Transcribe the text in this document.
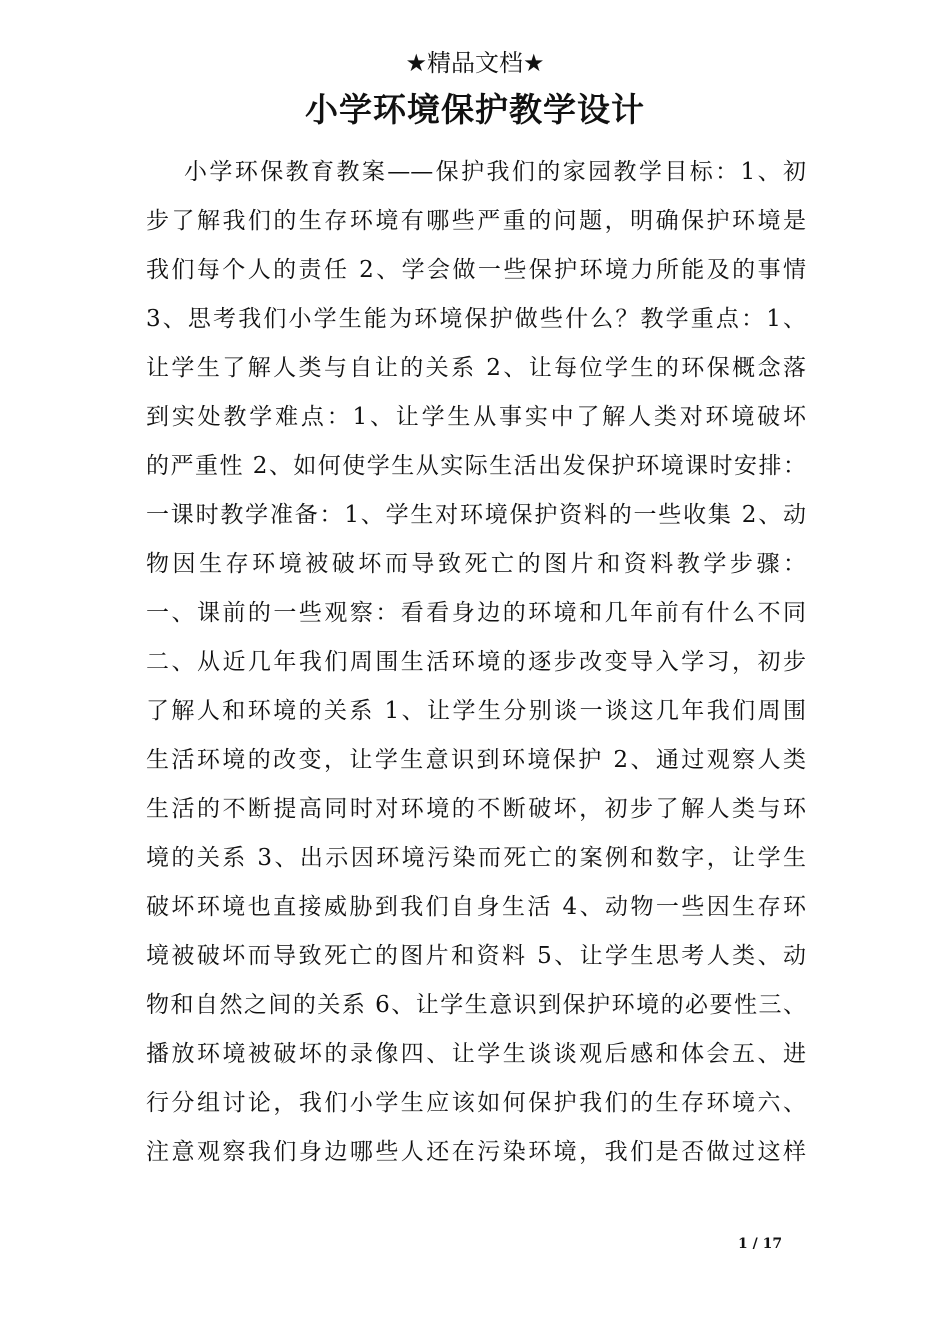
★精品文档★
小学环境保护教学设计
小学环保教育教案——保护我们的家园教学目标：1、初
步了解我们的生存环境有哪些严重的问题，明确保护环境是
我们每个人的责任 2、学会做一些保护环境力所能及的事情
3、思考我们小学生能为环境保护做些什么？教学重点：1、
让学生了解人类与自让的关系 2、让每位学生的环保概念落
到实处教学难点：1、让学生从事实中了解人类对环境破坏
的严重性 2、如何使学生从实际生活出发保护环境课时安排：
一课时教学准备：1、学生对环境保护资料的一些收集 2、动
物因生存环境被破坏而导致死亡的图片和资料教学步骤：
一、课前的一些观察：看看身边的环境和几年前有什么不同
二、从近几年我们周围生活环境的逐步改变导入学习，初步
了解人和环境的关系 1、让学生分别谈一谈这几年我们周围
生活环境的改变，让学生意识到环境保护 2、通过观察人类
生活的不断提高同时对环境的不断破坏，初步了解人类与环
境的关系 3、出示因环境污染而死亡的案例和数字，让学生
破坏环境也直接威胁到我们自身生活 4、动物一些因生存环
境被破坏而导致死亡的图片和资料 5、让学生思考人类、动
物和自然之间的关系 6、让学生意识到保护环境的必要性三、
播放环境被破坏的录像四、让学生谈谈观后感和体会五、进
行分组讨论，我们小学生应该如何保护我们的生存环境六、
注意观察我们身边哪些人还在污染环境，我们是否做过这样
1 / 17
